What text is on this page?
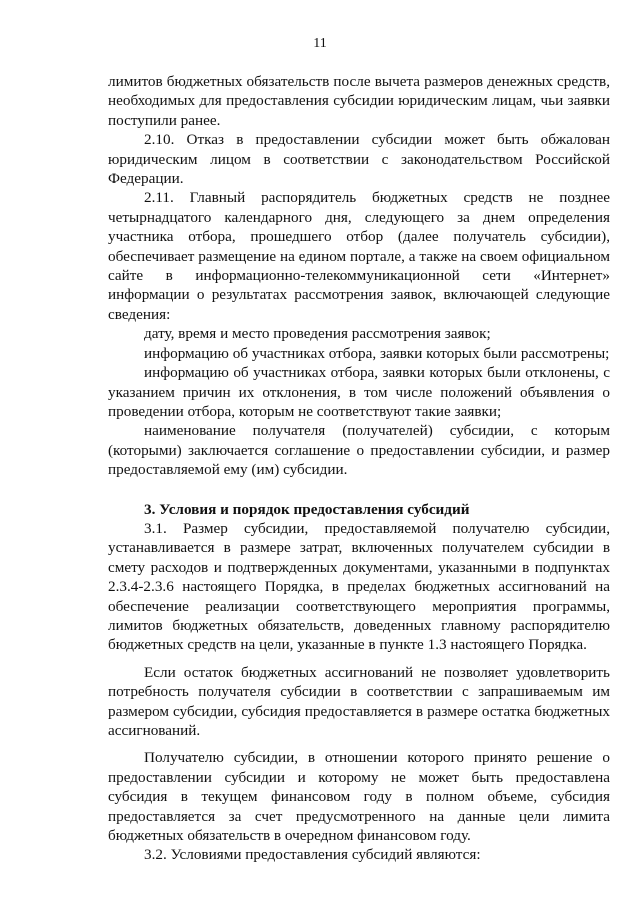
11

лимитов бюджетных обязательств после вычета размеров денежных средств, необходимых для предоставления субсидии юридическим лицам, чьи заявки поступили ранее.

2.10. Отказ в предоставлении субсидии может быть обжалован юридическим лицом в соответствии с законодательством Российской Федерации.

2.11. Главный распорядитель бюджетных средств не позднее четырнадцатого календарного дня, следующего за днем определения участника отбора, прошедшего отбор (далее получатель субсидии), обеспечивает размещение на едином портале, а также на своем официальном сайте в информационно-телекоммуникационной сети «Интернет» информации о результатах рассмотрения заявок, включающей следующие сведения:

дату, время и место проведения рассмотрения заявок;

информацию об участниках отбора, заявки которых были рассмотрены;

информацию об участниках отбора, заявки которых были отклонены, с указанием причин их отклонения, в том числе положений объявления о проведении отбора, которым не соответствуют такие заявки;

наименование получателя (получателей) субсидии, с которым (которыми) заключается соглашение о предоставлении субсидии, и размер предоставляемой ему (им) субсидии.

3. Условия и порядок предоставления субсидий

3.1. Размер субсидии, предоставляемой получателю субсидии, устанавливается в размере затрат, включенных получателем субсидии в смету расходов и подтвержденных документами, указанными в подпунктах 2.3.4-2.3.6 настоящего Порядка, в пределах бюджетных ассигнований на обеспечение реализации соответствующего мероприятия программы, лимитов бюджетных обязательств, доведенных главному распорядителю бюджетных средств на цели, указанные в пункте 1.3 настоящего Порядка.

Если остаток бюджетных ассигнований не позволяет удовлетворить потребность получателя субсидии в соответствии с запрашиваемым им размером субсидии, субсидия предоставляется в размере остатка бюджетных ассигнований.

Получателю субсидии, в отношении которого принято решение о предоставлении субсидии и которому не может быть предоставлена субсидия в текущем финансовом году в полном объеме, субсидия предоставляется за счет предусмотренного на данные цели лимита бюджетных обязательств в очередном финансовом году.

3.2. Условиями предоставления субсидий являются:
